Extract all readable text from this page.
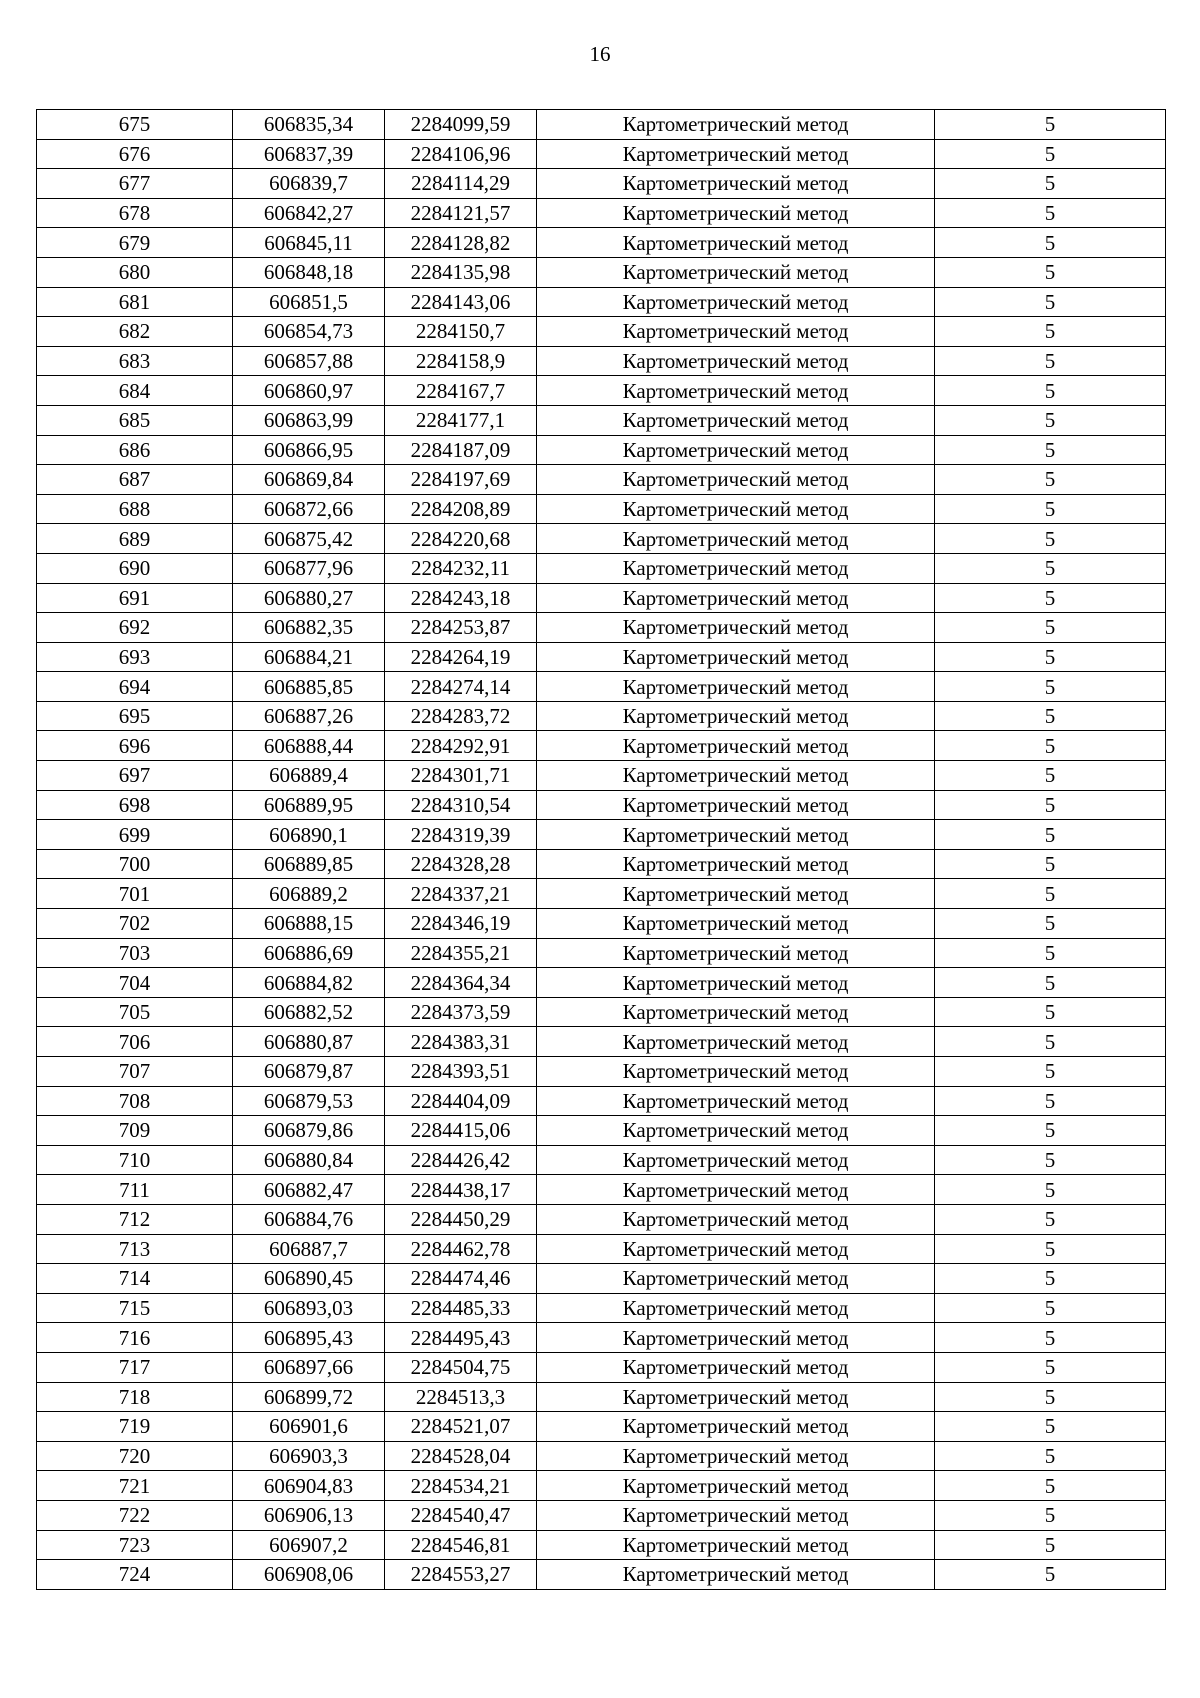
16
675	606835,34	2284099,59	Картометрический метод	5
676	606837,39	2284106,96	Картометрический метод	5
677	606839,7	2284114,29	Картометрический метод	5
678	606842,27	2284121,57	Картометрический метод	5
679	606845,11	2284128,82	Картометрический метод	5
680	606848,18	2284135,98	Картометрический метод	5
681	606851,5	2284143,06	Картометрический метод	5
682	606854,73	2284150,7	Картометрический метод	5
683	606857,88	2284158,9	Картометрический метод	5
684	606860,97	2284167,7	Картометрический метод	5
685	606863,99	2284177,1	Картометрический метод	5
686	606866,95	2284187,09	Картометрический метод	5
687	606869,84	2284197,69	Картометрический метод	5
688	606872,66	2284208,89	Картометрический метод	5
689	606875,42	2284220,68	Картометрический метод	5
690	606877,96	2284232,11	Картометрический метод	5
691	606880,27	2284243,18	Картометрический метод	5
692	606882,35	2284253,87	Картометрический метод	5
693	606884,21	2284264,19	Картометрический метод	5
694	606885,85	2284274,14	Картометрический метод	5
695	606887,26	2284283,72	Картометрический метод	5
696	606888,44	2284292,91	Картометрический метод	5
697	606889,4	2284301,71	Картометрический метод	5
698	606889,95	2284310,54	Картометрический метод	5
699	606890,1	2284319,39	Картометрический метод	5
700	606889,85	2284328,28	Картометрический метод	5
701	606889,2	2284337,21	Картометрический метод	5
702	606888,15	2284346,19	Картометрический метод	5
703	606886,69	2284355,21	Картометрический метод	5
704	606884,82	2284364,34	Картометрический метод	5
705	606882,52	2284373,59	Картометрический метод	5
706	606880,87	2284383,31	Картометрический метод	5
707	606879,87	2284393,51	Картометрический метод	5
708	606879,53	2284404,09	Картометрический метод	5
709	606879,86	2284415,06	Картометрический метод	5
710	606880,84	2284426,42	Картометрический метод	5
711	606882,47	2284438,17	Картометрический метод	5
712	606884,76	2284450,29	Картометрический метод	5
713	606887,7	2284462,78	Картометрический метод	5
714	606890,45	2284474,46	Картометрический метод	5
715	606893,03	2284485,33	Картометрический метод	5
716	606895,43	2284495,43	Картометрический метод	5
717	606897,66	2284504,75	Картометрический метод	5
718	606899,72	2284513,3	Картометрический метод	5
719	606901,6	2284521,07	Картометрический метод	5
720	606903,3	2284528,04	Картометрический метод	5
721	606904,83	2284534,21	Картометрический метод	5
722	606906,13	2284540,47	Картометрический метод	5
723	606907,2	2284546,81	Картометрический метод	5
724	606908,06	2284553,27	Картометрический метод	5
